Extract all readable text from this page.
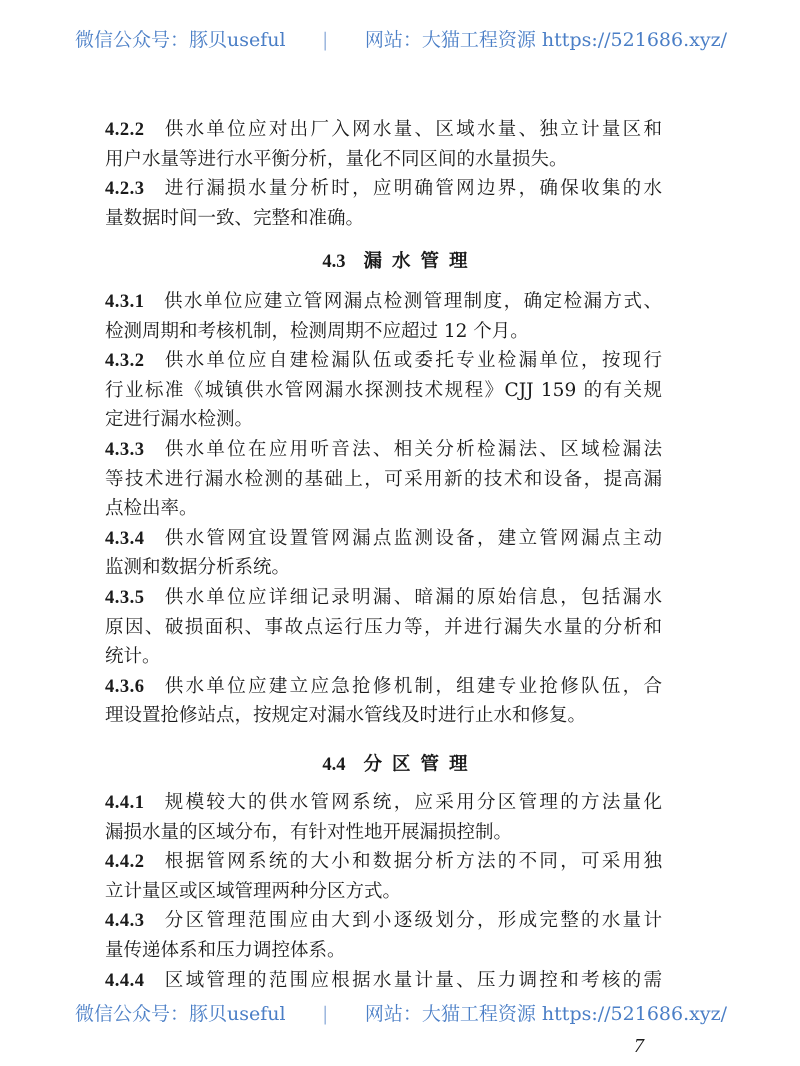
微信公众号：豚贝useful | 网站：大猫工程资源 https://521686.xyz/
4.2.2 供水单位应对出厂入网水量、区域水量、独立计量区和
用户水量等进行水平衡分析，量化不同区间的水量损失。
4.2.3 进行漏损水量分析时，应明确管网边界，确保收集的水
量数据时间一致、完整和准确。
4.3 漏水管理
4.3.1 供水单位应建立管网漏点检测管理制度，确定检漏方式、
检测周期和考核机制，检测周期不应超过 12 个月。
4.3.2 供水单位应自建检漏队伍或委托专业检漏单位，按现行
行业标准《城镇供水管网漏水探测技术规程》CJJ 159 的有关规
定进行漏水检测。
4.3.3 供水单位在应用听音法、相关分析检漏法、区域检漏法
等技术进行漏水检测的基础上，可采用新的技术和设备，提高漏
点检出率。
4.3.4 供水管网宜设置管网漏点监测设备，建立管网漏点主动
监测和数据分析系统。
4.3.5 供水单位应详细记录明漏、暗漏的原始信息，包括漏水
原因、破损面积、事故点运行压力等，并进行漏失水量的分析和
统计。
4.3.6 供水单位应建立应急抢修机制，组建专业抢修队伍，合
理设置抢修站点，按规定对漏水管线及时进行止水和修复。
4.4 分区管理
4.4.1 规模较大的供水管网系统，应采用分区管理的方法量化
漏损水量的区域分布，有针对性地开展漏损控制。
4.4.2 根据管网系统的大小和数据分析方法的不同，可采用独
立计量区或区域管理两种分区方式。
4.4.3 分区管理范围应由大到小逐级划分，形成完整的水量计
量传递体系和压力调控体系。
4.4.4 区域管理的范围应根据水量计量、压力调控和考核的需
微信公众号：豚贝useful | 网站：大猫工程资源 https://521686.xyz/
7
